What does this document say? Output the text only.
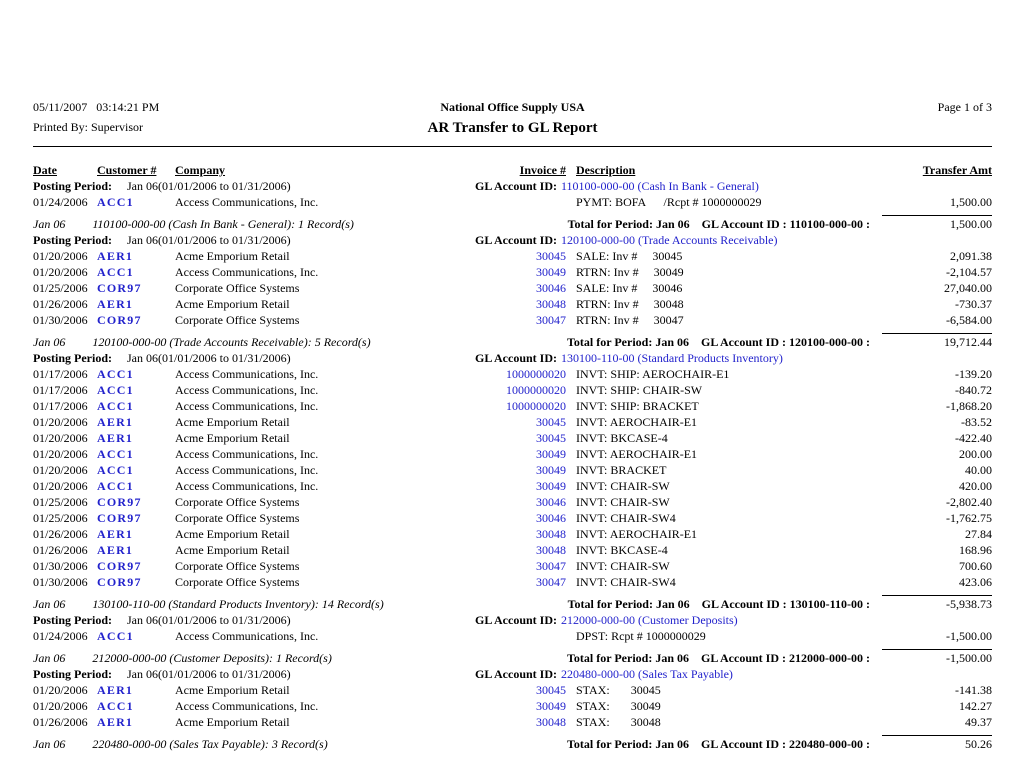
05/11/2007   03:14:21 PM	National Office Supply USA	Page 1 of 3
Printed By: Supervisor	AR Transfer to GL Report
Date	Customer #	Company	Invoice # Description	Transfer Amt
Posting Period:	Jan 06(01/01/2006 to 01/31/2006)	GL Account ID: 110100-000-00 (Cash In Bank - General)
01/24/2006 ACC1	Access Communications, Inc.	PYMT: BOFA      /Rcpt # 1000000029	1,500.00
Jan 06         110100-000-00 (Cash In Bank - General): 1 Record(s)	Total for Period: Jan 06 GL Account ID : 110100-000-00 :	1,500.00
Posting Period:	Jan 06(01/01/2006 to 01/31/2006)	GL Account ID: 120100-000-00 (Trade Accounts Receivable)
01/20/2006 AER1	Acme Emporium Retail	30045 SALE: Inv #     30045	2,091.38
01/20/2006 ACC1	Access Communications, Inc.	30049 RTRN: Inv #     30049	-2,104.57
01/25/2006 COR97	Corporate Office Systems	30046 SALE: Inv #     30046	27,040.00
01/26/2006 AER1	Acme Emporium Retail	30048 RTRN: Inv #     30048	-730.37
01/30/2006 COR97	Corporate Office Systems	30047 RTRN: Inv #     30047	-6,584.00
Jan 06         120100-000-00 (Trade Accounts Receivable): 5 Record(s)	Total for Period: Jan 06 GL Account ID : 120100-000-00 :	19,712.44
Posting Period:	Jan 06(01/01/2006 to 01/31/2006)	GL Account ID: 130100-110-00 (Standard Products Inventory)
01/17/2006 ACC1	Access Communications, Inc.	1000000020 INVT: SHIP: AEROCHAIR-E1	-139.20
01/17/2006 ACC1	Access Communications, Inc.	1000000020 INVT: SHIP: CHAIR-SW	-840.72
01/17/2006 ACC1	Access Communications, Inc.	1000000020 INVT: SHIP: BRACKET	-1,868.20
01/20/2006 AER1	Acme Emporium Retail	30045 INVT: AEROCHAIR-E1	-83.52
01/20/2006 AER1	Acme Emporium Retail	30045 INVT: BKCASE-4	-422.40
01/20/2006 ACC1	Access Communications, Inc.	30049 INVT: AEROCHAIR-E1	200.00
01/20/2006 ACC1	Access Communications, Inc.	30049 INVT: BRACKET	40.00
01/20/2006 ACC1	Access Communications, Inc.	30049 INVT: CHAIR-SW	420.00
01/25/2006 COR97	Corporate Office Systems	30046 INVT: CHAIR-SW	-2,802.40
01/25/2006 COR97	Corporate Office Systems	30046 INVT: CHAIR-SW4	-1,762.75
01/26/2006 AER1	Acme Emporium Retail	30048 INVT: AEROCHAIR-E1	27.84
01/26/2006 AER1	Acme Emporium Retail	30048 INVT: BKCASE-4	168.96
01/30/2006 COR97	Corporate Office Systems	30047 INVT: CHAIR-SW	700.60
01/30/2006 COR97	Corporate Office Systems	30047 INVT: CHAIR-SW4	423.06
Jan 06         130100-110-00 (Standard Products Inventory): 14 Record(s)	Total for Period: Jan 06 GL Account ID : 130100-110-00 :	-5,938.73
Posting Period:	Jan 06(01/01/2006 to 01/31/2006)	GL Account ID: 212000-000-00 (Customer Deposits)
01/24/2006 ACC1	Access Communications, Inc.	DPST: Rcpt # 1000000029	-1,500.00
Jan 06         212000-000-00 (Customer Deposits): 1 Record(s)	Total for Period: Jan 06 GL Account ID : 212000-000-00 :	-1,500.00
Posting Period:	Jan 06(01/01/2006 to 01/31/2006)	GL Account ID: 220480-000-00 (Sales Tax Payable)
01/20/2006 AER1	Acme Emporium Retail	30045 STAX:       30045	-141.38
01/20/2006 ACC1	Access Communications, Inc.	30049 STAX:       30049	142.27
01/26/2006 AER1	Acme Emporium Retail	30048 STAX:       30048	49.37
Jan 06         220480-000-00 (Sales Tax Payable): 3 Record(s)	Total for Period: Jan 06 GL Account ID : 220480-000-00 :	50.26
